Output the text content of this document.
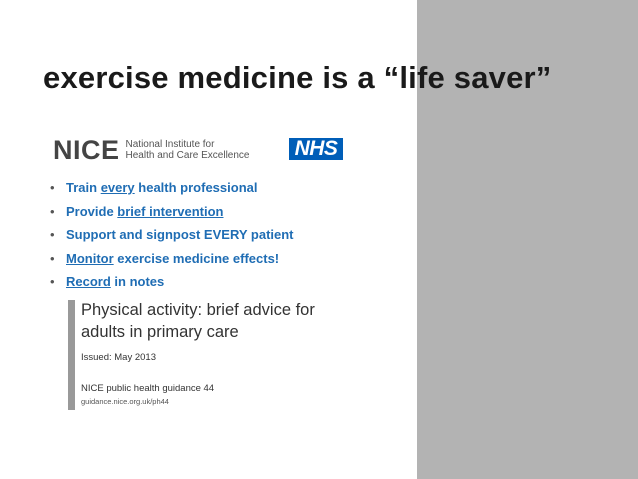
exercise medicine is a “life saver”
NICE National Institute for
Health and Care Excellence NHS
• Train every health professional
• Provide brief intervention
• Support and signpost EVERY patient
• Monitor exercise medicine effects!
• Record in notes
Physical activity: brief advice for
adults in primary care
Issued: May 2013
NICE public health guidance 44
guidance.nice.org.uk/ph44
